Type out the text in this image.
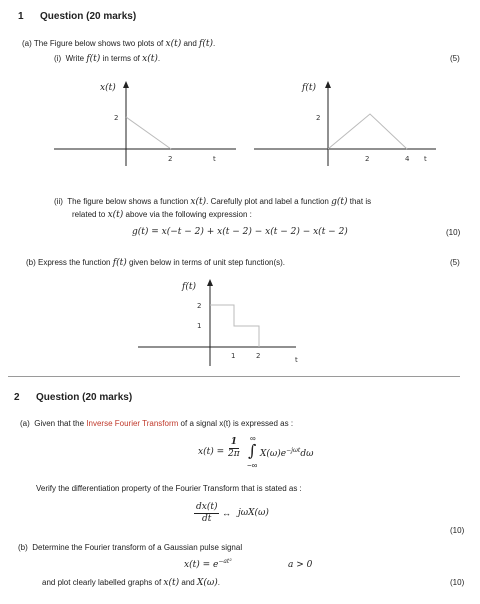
1 Question (20 marks)
(a) The Figure below shows two plots of x(t) and f(t).
(i) Write f(t) in terms of x(t).	(5)
x(t)
2
2	t
f(t)
2
2	4 t
(ii) The figure below shows a function x(t). Carefully plot and label a function g(t) that is
related to x(t) above via the following expression :
g(t) = x(−t − 2) + x(t − 2) − x(t − 2) − x(t − 2)	(10)
(b) Express the function f(t) given below in terms of unit step function(s).	(5)
f(t)
2
1
1	2	t
2 Question (20 marks)
(a) Given that the Inverse Fourier Transform of a signal x(t) is expressed as :
$x(t) = \frac{1}{2\pi}$ ∞
∫
−∞
$X(\omega)e^{-j\omega t}d\omega$
Verify the differentiation property of the Fourier Transform that is stated as :
$\frac{dx(t)}{dt}$ ↔ jωX(ω)
(10)
(b) Determine the Fourier transform of a Gaussian pulse signal
$x(t) = e^{-at^2}$	a > 0
and plot clearly labelled graphs of x(t) and X(ω).	(10)
